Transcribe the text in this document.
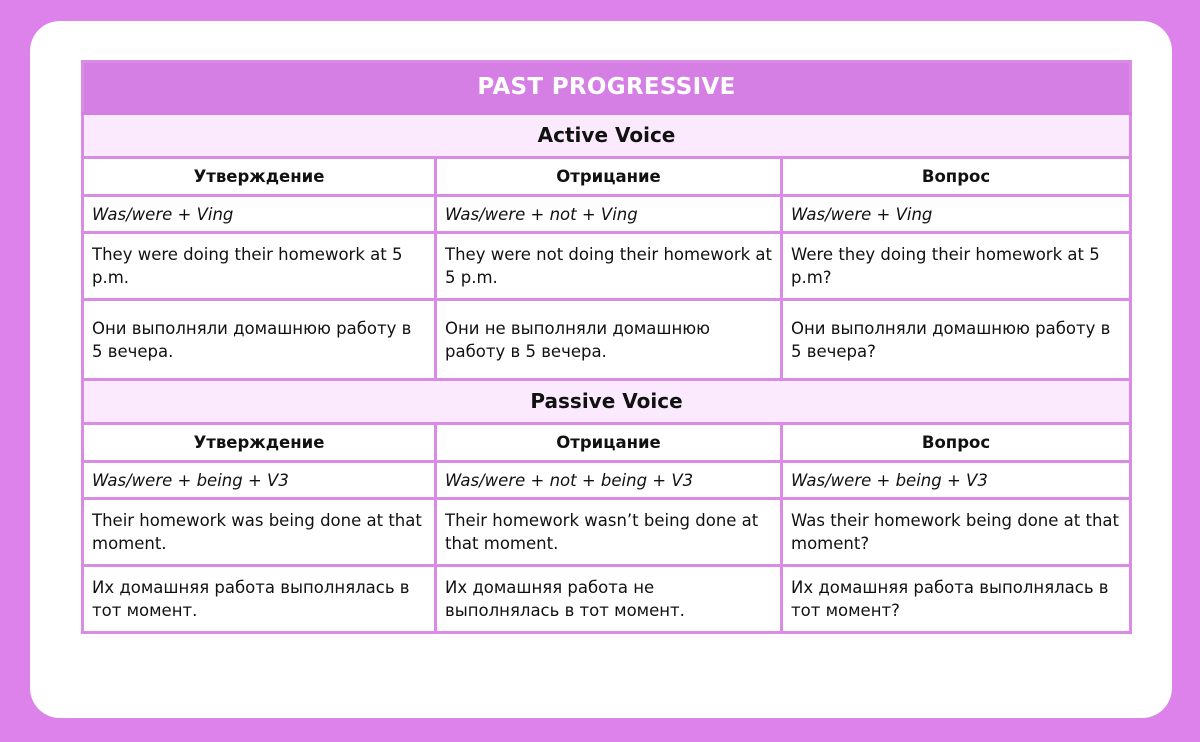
PAST PROGRESSIVE		
Active Voice		
Утверждение	Отрицание	Вопрос
Was/were + Ving	Was/were + not + Ving	Was/were + Ving
They were doing their homework at 5 p.m.	They were not doing their homework at 5 p.m.	Were they doing their homework at 5 p.m?
Они выполняли домашнюю работу в 5 вечера.	Они не выполняли домашнюю работу в 5 вечера.	Они выполняли домашнюю работу в 5 вечера?
Passive Voice		
Утверждение	Отрицание	Вопрос
Was/were + being + V3	Was/were + not + being + V3	Was/were + being + V3
Their homework was being done at that moment.	Their homework wasn’t being done at that moment.	Was their homework being done at that moment?
Их домашняя работа выполнялась в тот момент.	Их домашняя работа не выполнялась в тот момент.	Их домашняя работа выполнялась в тот момент?
